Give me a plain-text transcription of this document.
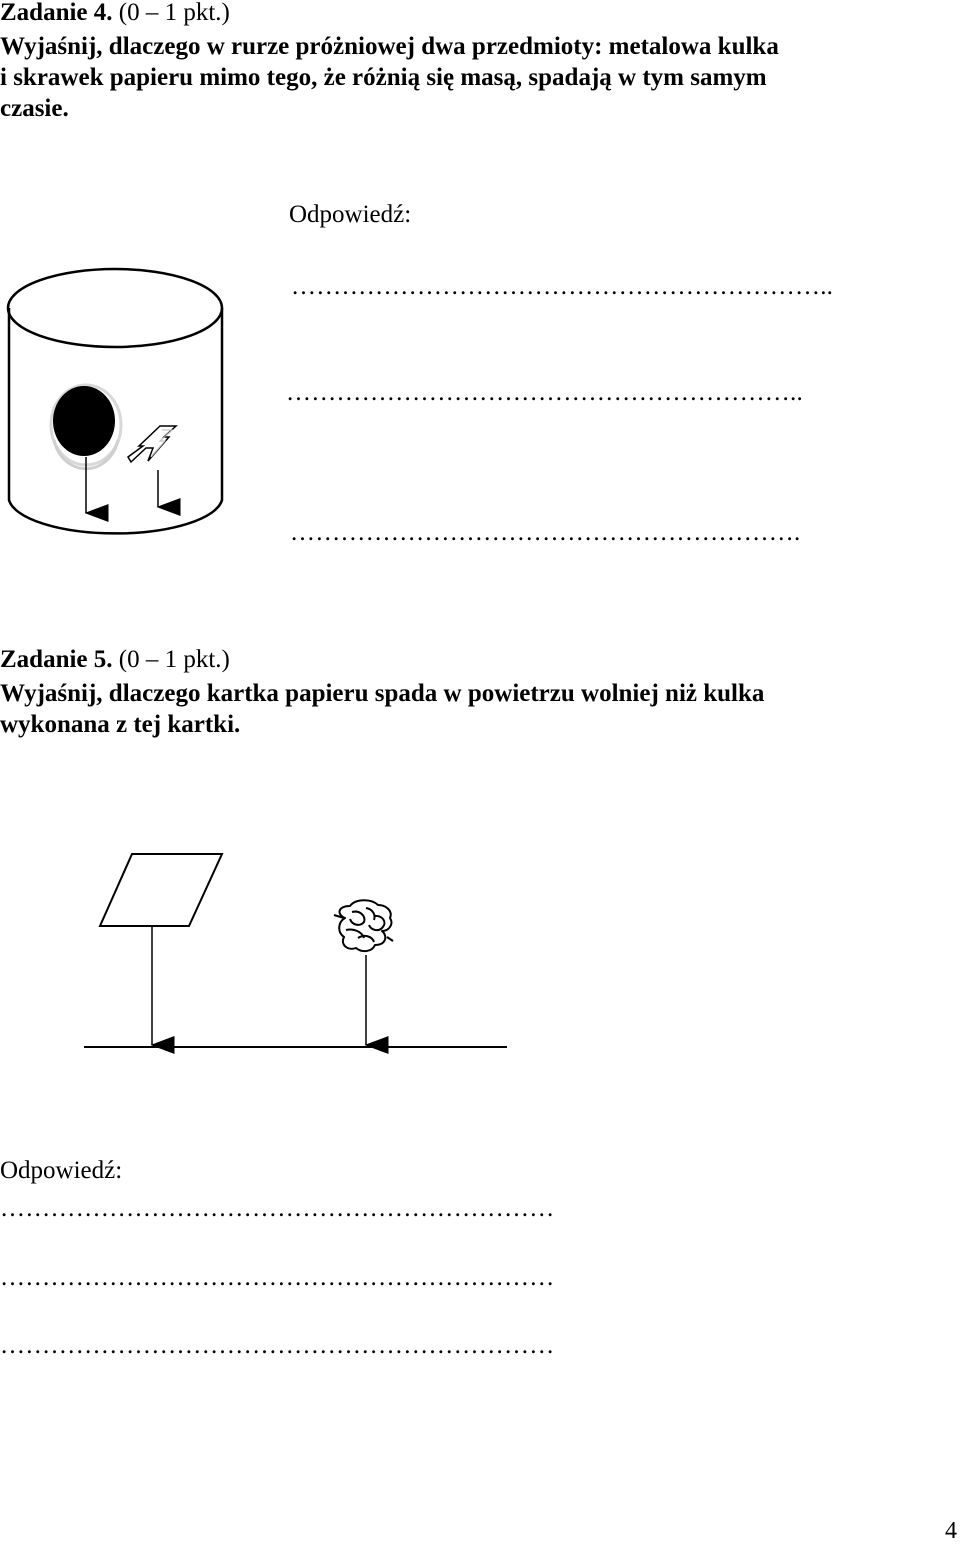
Zadanie 4. (0 – 1 pkt.)
Wyjaśnij, dlaczego w rurze próżniowej dwa przedmioty: metalowa kulka
i skrawek papieru mimo tego, że różnią się masą, spadają w tym samym
czasie.
Odpowiedź:
………………………………………………………..
……………………………………………………..
…………………………………………………….
Zadanie 5. (0 – 1 pkt.)
Wyjaśnij, dlaczego kartka papieru spada w powietrzu wolniej niż kulka
wykonana z tej kartki.
Odpowiedź:
…………………………………………………………
…………………………………………………………
…………………………………………………………
4
